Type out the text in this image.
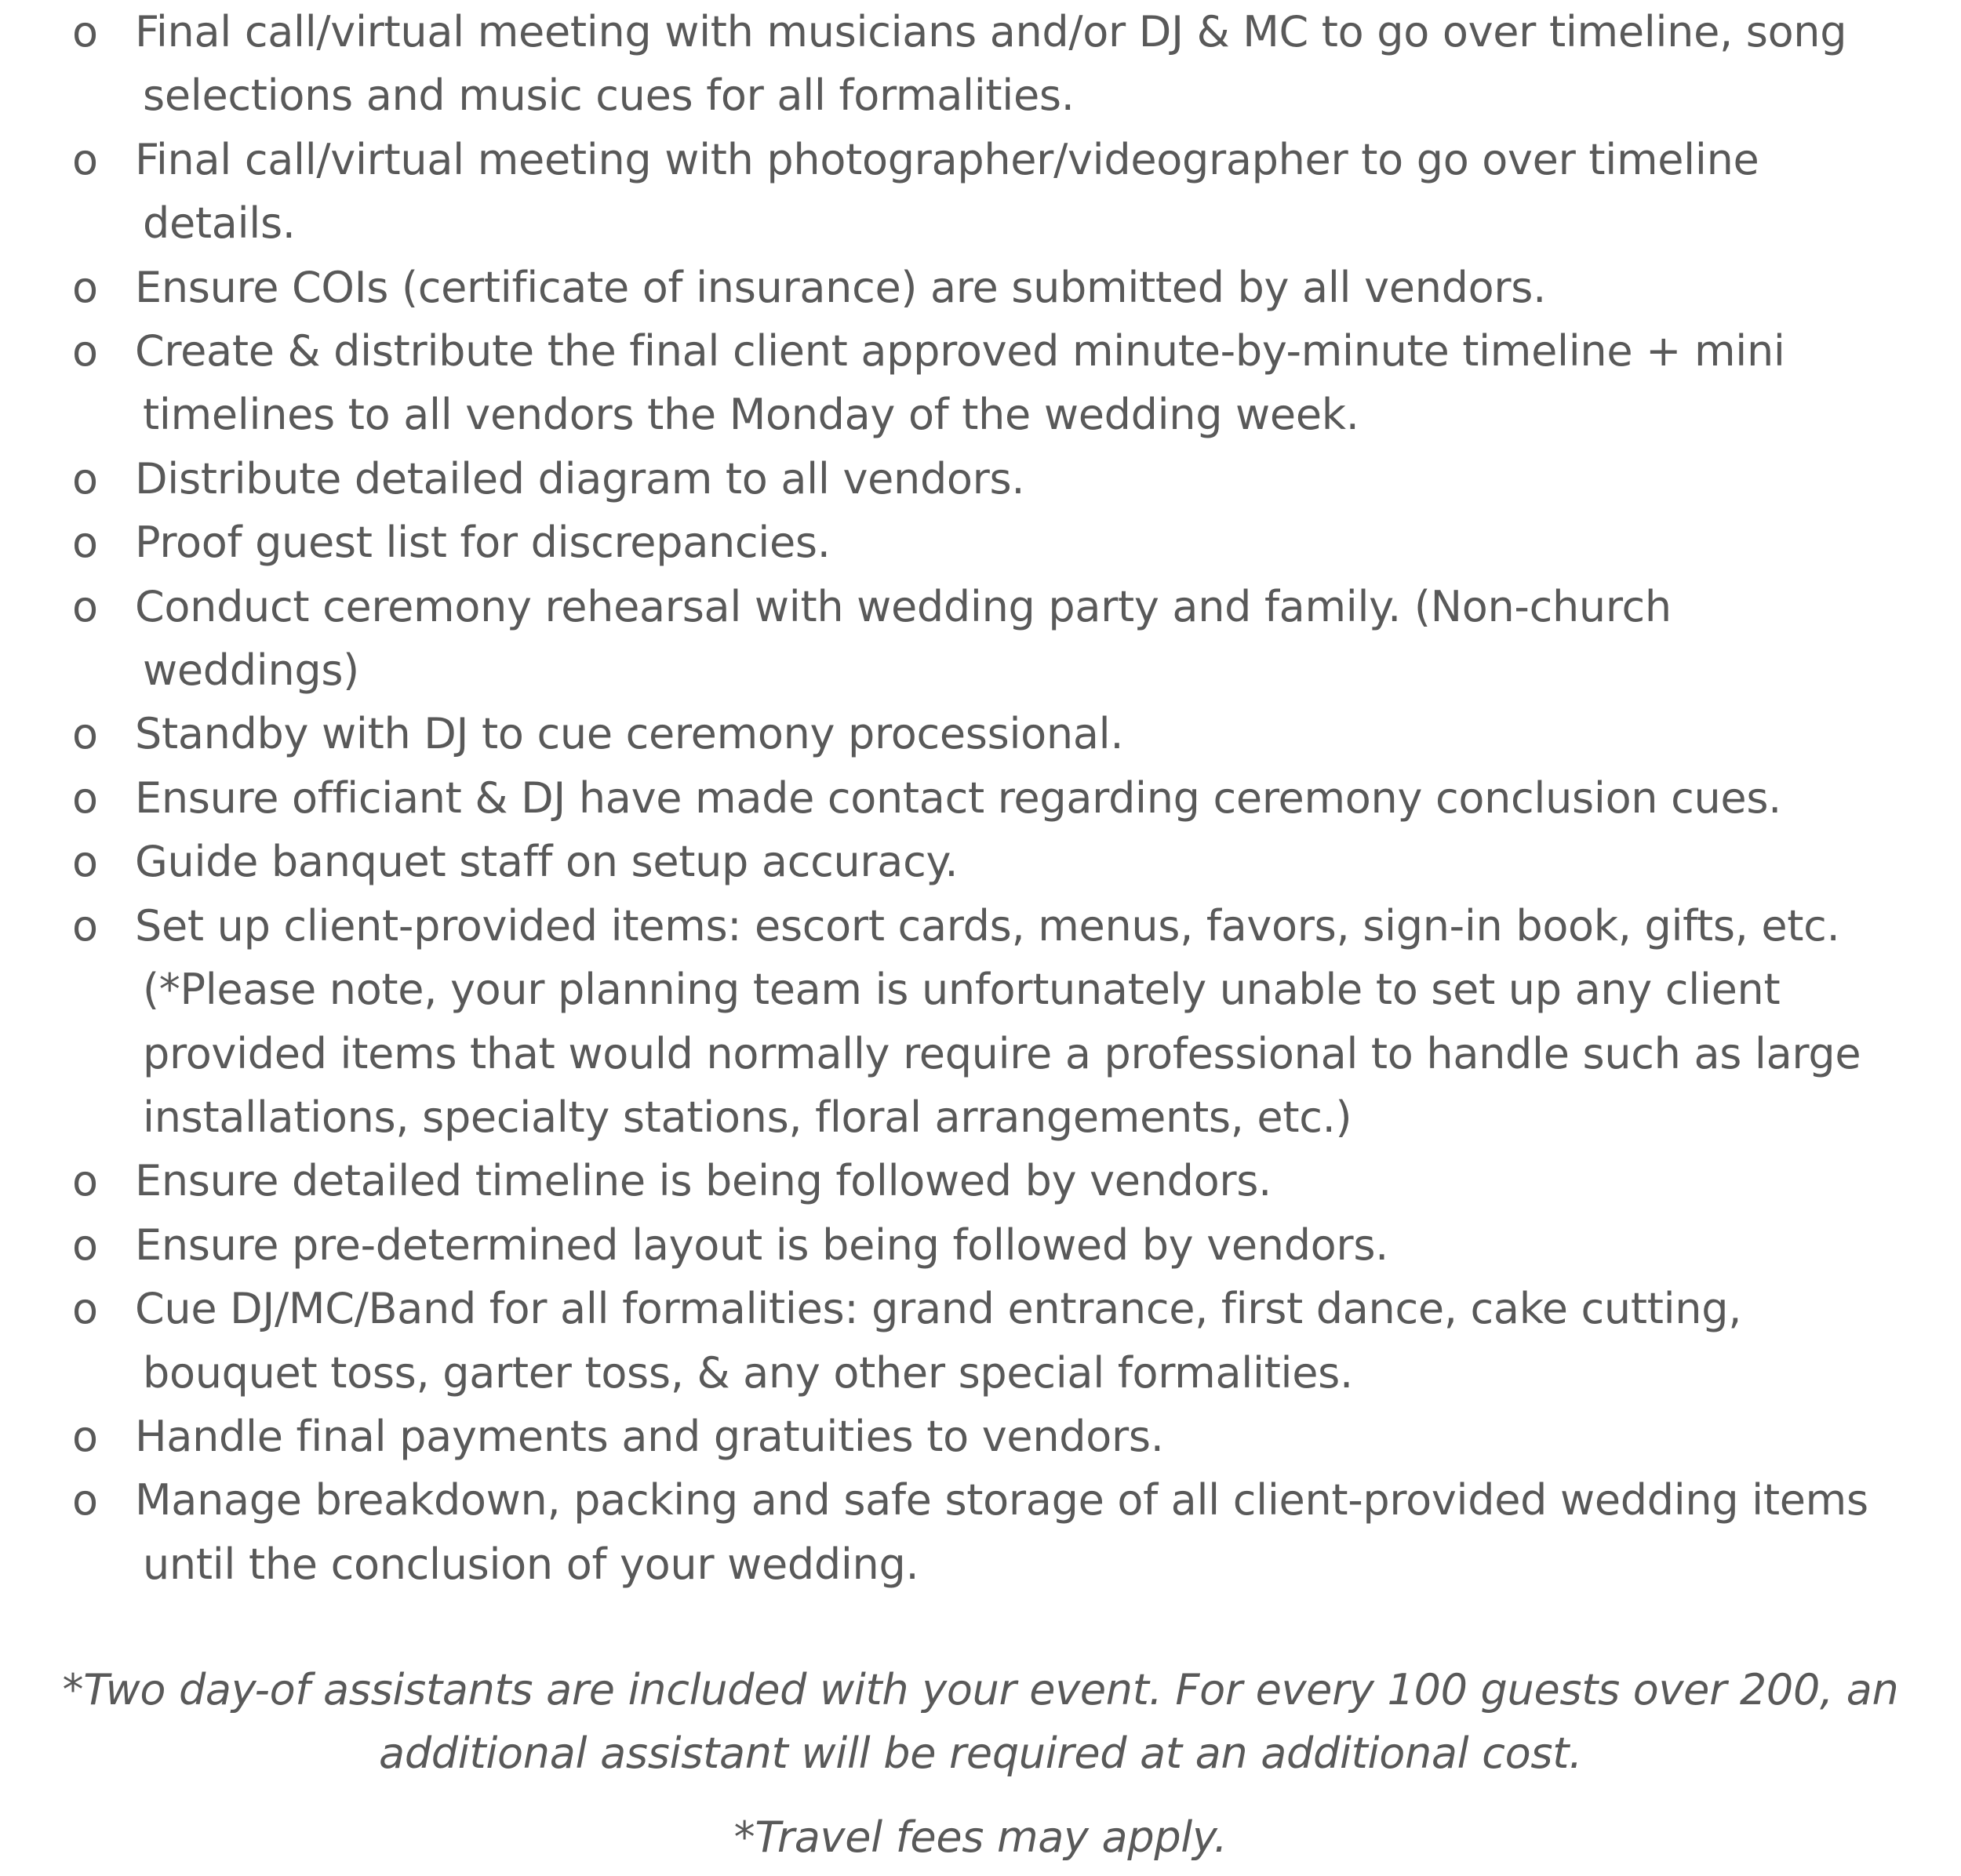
o Final call/virtual meeting with musicians and/or DJ & MC to go over timeline, song
selections and music cues for all formalities.
o Final call/virtual meeting with photographer/videographer to go over timeline
details.
o Ensure COIs (certificate of insurance) are submitted by all vendors.
o Create & distribute the final client approved minute-by-minute timeline + mini
timelines to all vendors the Monday of the wedding week.
o Distribute detailed diagram to all vendors.
o Proof guest list for discrepancies.
o Conduct ceremony rehearsal with wedding party and family. (Non-church
weddings)
o Standby with DJ to cue ceremony processional.
o Ensure officiant & DJ have made contact regarding ceremony conclusion cues.
o Guide banquet staff on setup accuracy.
o Set up client-provided items: escort cards, menus, favors, sign-in book, gifts, etc.
(*Please note, your planning team is unfortunately unable to set up any client
provided items that would normally require a professional to handle such as large
installations, specialty stations, floral arrangements, etc.)
o Ensure detailed timeline is being followed by vendors.
o Ensure pre-determined layout is being followed by vendors.
o Cue DJ/MC/Band for all formalities: grand entrance, first dance, cake cutting,
bouquet toss, garter toss, & any other special formalities.
o Handle final payments and gratuities to vendors.
o Manage breakdown, packing and safe storage of all client-provided wedding items
until the conclusion of your wedding.
*Two day-of assistants are included with your event. For every 100 guests over 200, an
additional assistant will be required at an additional cost.
*Travel fees may apply.
